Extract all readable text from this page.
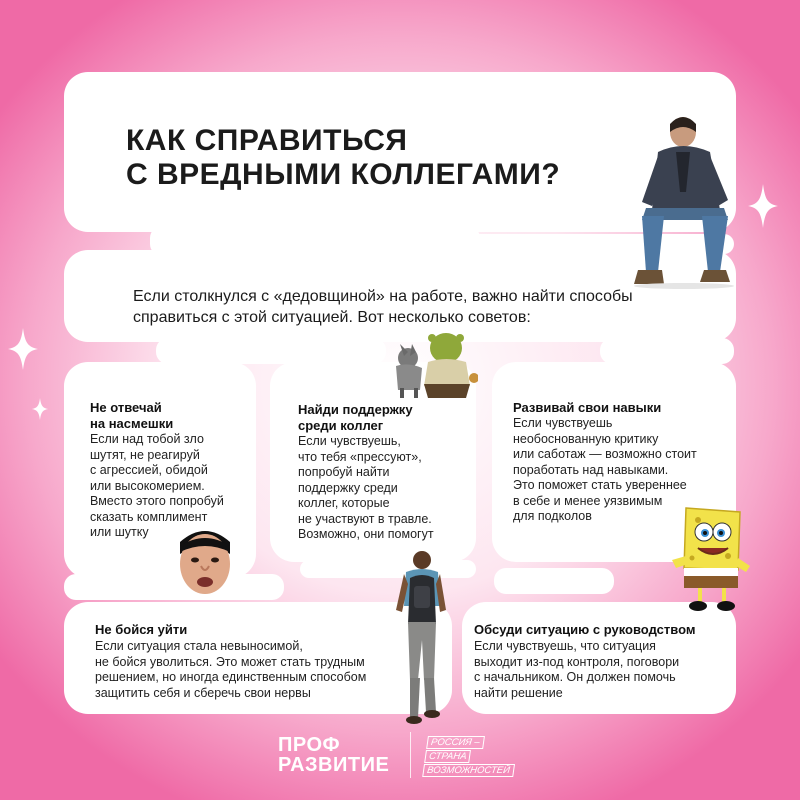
КАК СПРАВИТЬСЯ
С ВРЕДНЫМИ КОЛЛЕГАМИ?
Если столкнулся с «дедовщиной» на работе, важно найти способы справиться с этой ситуацией. Вот несколько советов:
Не отвечай
на насмешки
Если над тобой зло
шутят, не реагируй
с агрессией, обидой
или высокомерием.
Вместо этого попробуй
сказать комплимент
или шутку
Найди поддержку
среди коллег
Если чувствуешь,
что тебя «прессуют»,
попробуй найти
поддержку среди
коллег, которые
не участвуют в травле.
Возможно, они помогут
Развивай свои навыки
Если чувствуешь
необоснованную критику
или саботаж — возможно стоит
поработать над навыками.
Это поможет стать увереннее
в себе и менее уязвимым
для подколов
Не бойся уйти
Если ситуация стала невыносимой,
не бойся уволиться. Это может стать трудным
решением, но иногда единственным способом
защитить себя и сберечь свои нервы
Обсуди ситуацию с руководством
Если чувствуешь, что ситуация
выходит из-под контроля, поговори
с начальником. Он должен помочь
найти решение
ПРОФ
РАЗВИТИЕ
РОССИЯ –
СТРАНА
ВОЗМОЖНОСТЕЙ
